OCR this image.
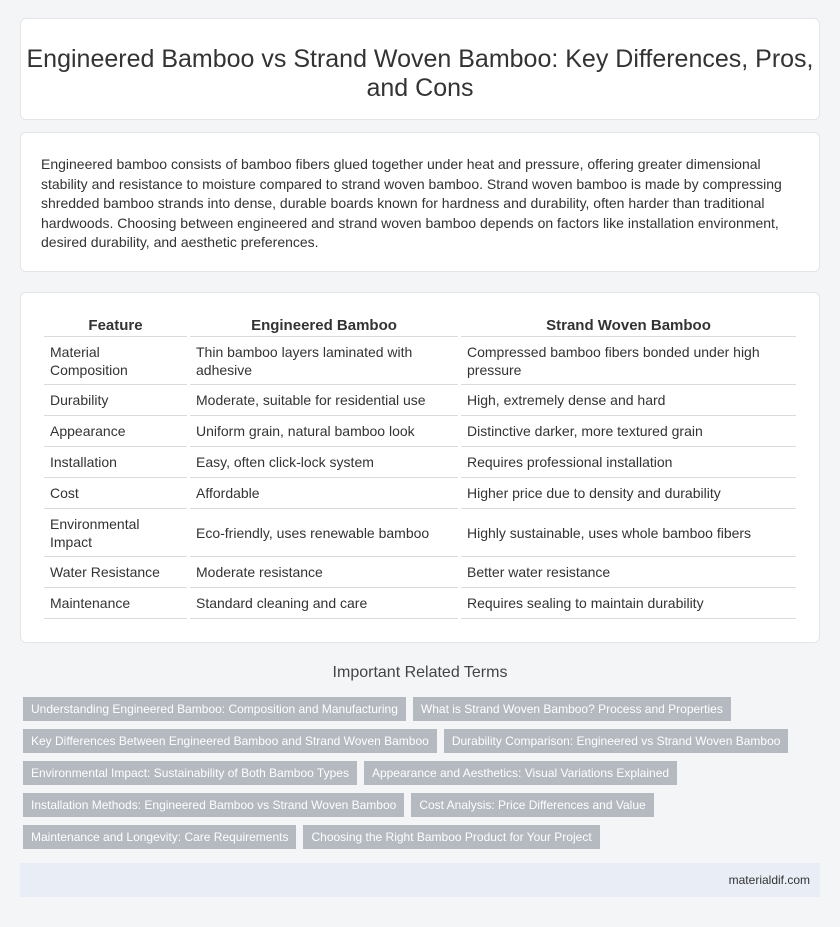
Engineered Bamboo vs Strand Woven Bamboo: Key Differences, Pros, and Cons

Engineered bamboo consists of bamboo fibers glued together under heat and pressure, offering greater dimensional stability and resistance to moisture compared to strand woven bamboo. Strand woven bamboo is made by compressing shredded bamboo strands into dense, durable boards known for hardness and durability, often harder than traditional hardwoods. Choosing between engineered and strand woven bamboo depends on factors like installation environment, desired durability, and aesthetic preferences.

Feature	Engineered Bamboo	Strand Woven Bamboo
Material Composition	Thin bamboo layers laminated with adhesive	Compressed bamboo fibers bonded under high pressure
Durability	Moderate, suitable for residential use	High, extremely dense and hard
Appearance	Uniform grain, natural bamboo look	Distinctive darker, more textured grain
Installation	Easy, often click-lock system	Requires professional installation
Cost	Affordable	Higher price due to density and durability
Environmental Impact	Eco-friendly, uses renewable bamboo	Highly sustainable, uses whole bamboo fibers
Water Resistance	Moderate resistance	Better water resistance
Maintenance	Standard cleaning and care	Requires sealing to maintain durability
Important Related Terms
Understanding Engineered Bamboo: Composition and Manufacturing	What is Strand Woven Bamboo? Process and Properties
Key Differences Between Engineered Bamboo and Strand Woven Bamboo	Durability Comparison: Engineered vs Strand Woven Bamboo
Environmental Impact: Sustainability of Both Bamboo Types	Appearance and Aesthetics: Visual Variations Explained
Installation Methods: Engineered Bamboo vs Strand Woven Bamboo	Cost Analysis: Price Differences and Value
Maintenance and Longevity: Care Requirements	Choosing the Right Bamboo Product for Your Project
materialdif.com
